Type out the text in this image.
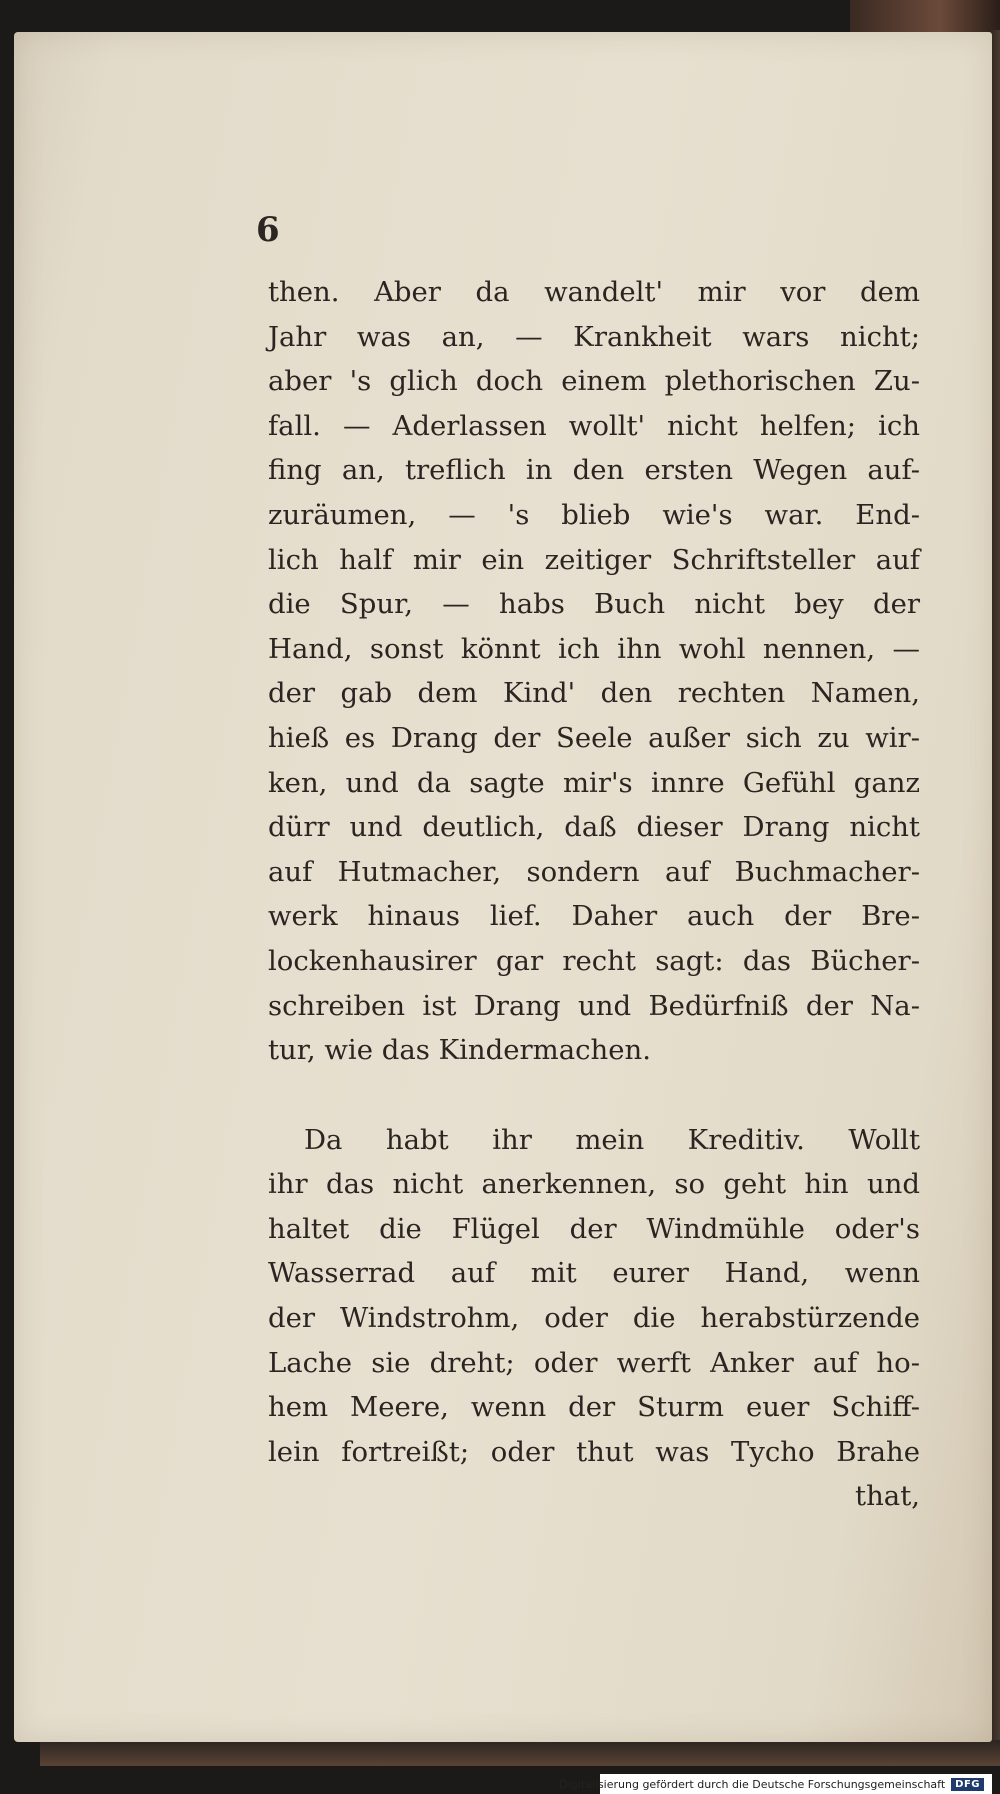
6
then. Aber da wandelt' mir vor dem
Jahr was an, — Krankheit wars nicht;
aber 's glich doch einem plethorischen Zu-
fall. — Aderlassen wollt' nicht helfen; ich
fing an, treflich in den ersten Wegen auf-
zuräumen, — 's blieb wie's war. End-
lich half mir ein zeitiger Schriftsteller auf
die Spur, — habs Buch nicht bey der
Hand, sonst könnt ich ihn wohl nennen, —
der gab dem Kind' den rechten Namen,
hieß es Drang der Seele außer sich zu wir-
ken, und da sagte mir's innre Gefühl ganz
dürr und deutlich, daß dieser Drang nicht
auf Hutmacher, sondern auf Buchmacher-
werk hinaus lief. Daher auch der Bre-
lockenhausirer gar recht sagt: das Bücher-
schreiben ist Drang und Bedürfniß der Na-
tur, wie das Kindermachen.
Da habt ihr mein Kreditiv. Wollt
ihr das nicht anerkennen, so geht hin und
haltet die Flügel der Windmühle oder's
Wasserrad auf mit eurer Hand, wenn
der Windstrohm, oder die herabstürzende
Lache sie dreht; oder werft Anker auf ho-
hem Meere, wenn der Sturm euer Schiff-
lein fortreißt; oder thut was Tycho Brahe
that,
Digitalisierung gefördert durch die Deutsche Forschungsgemeinschaft	DFG
